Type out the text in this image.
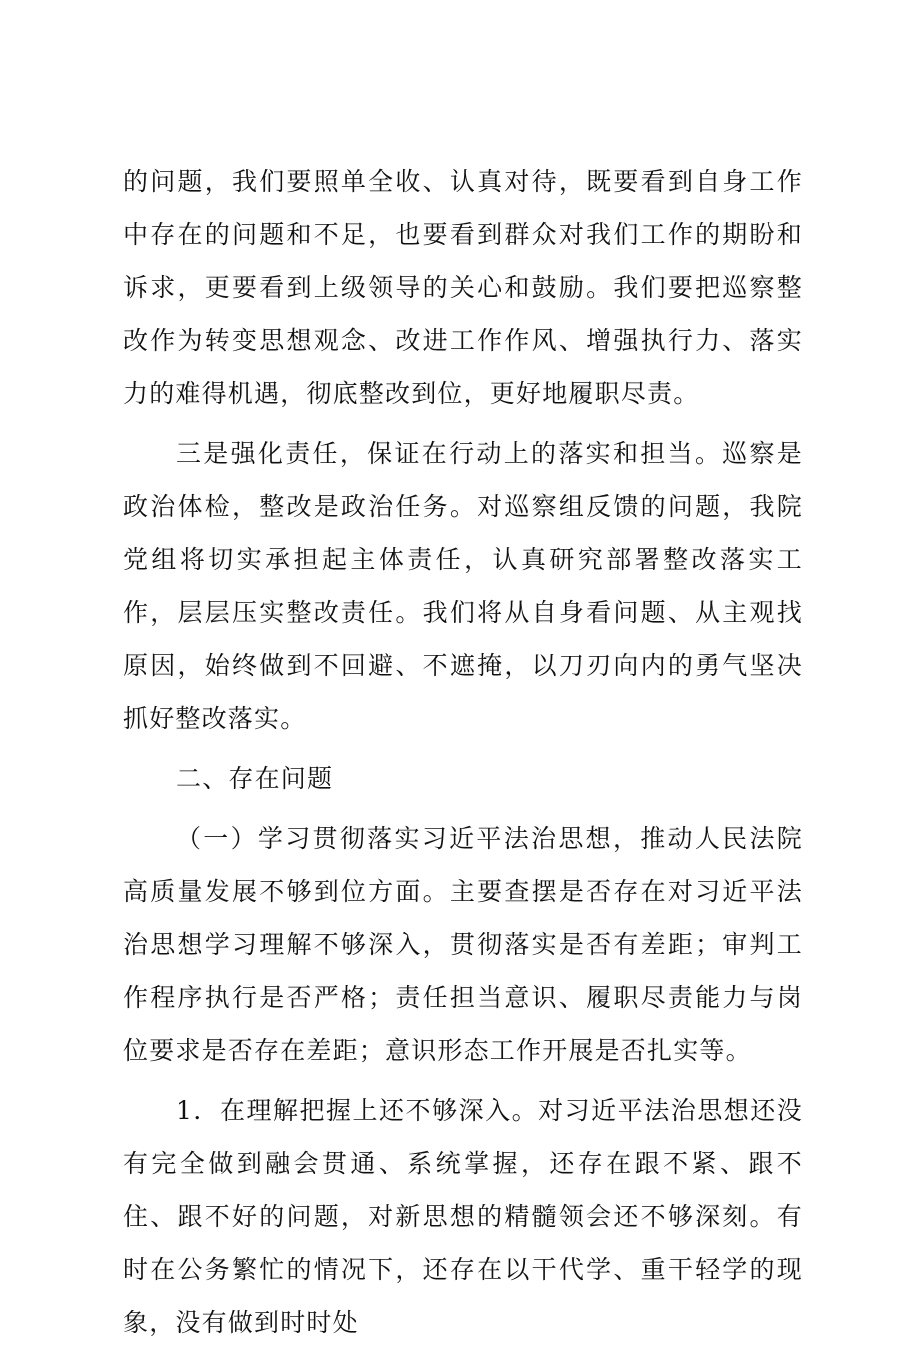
的问题，我们要照单全收、认真对待，既要看到自身工作中存在的问题和不足，也要看到群众对我们工作的期盼和诉求，更要看到上级领导的关心和鼓励。我们要把巡察整改作为转变思想观念、改进工作作风、增强执行力、落实力的难得机遇，彻底整改到位，更好地履职尽责。

三是强化责任，保证在行动上的落实和担当。巡察是政治体检，整改是政治任务。对巡察组反馈的问题，我院党组将切实承担起主体责任，认真研究部署整改落实工作，层层压实整改责任。我们将从自身看问题、从主观找原因，始终做到不回避、不遮掩，以刀刃向内的勇气坚决抓好整改落实。

二、存在问题

（一）学习贯彻落实习近平法治思想，推动人民法院高质量发展不够到位方面。主要查摆是否存在对习近平法治思想学习理解不够深入，贯彻落实是否有差距；审判工作程序执行是否严格；责任担当意识、履职尽责能力与岗位要求是否存在差距；意识形态工作开展是否扎实等。

1．在理解把握上还不够深入。对习近平法治思想还没有完全做到融会贯通、系统掌握，还存在跟不紧、跟不住、跟不好的问题，对新思想的精髓领会还不够深刻。有时在公务繁忙的情况下，还存在以干代学、重干轻学的现象，没有做到时时处
